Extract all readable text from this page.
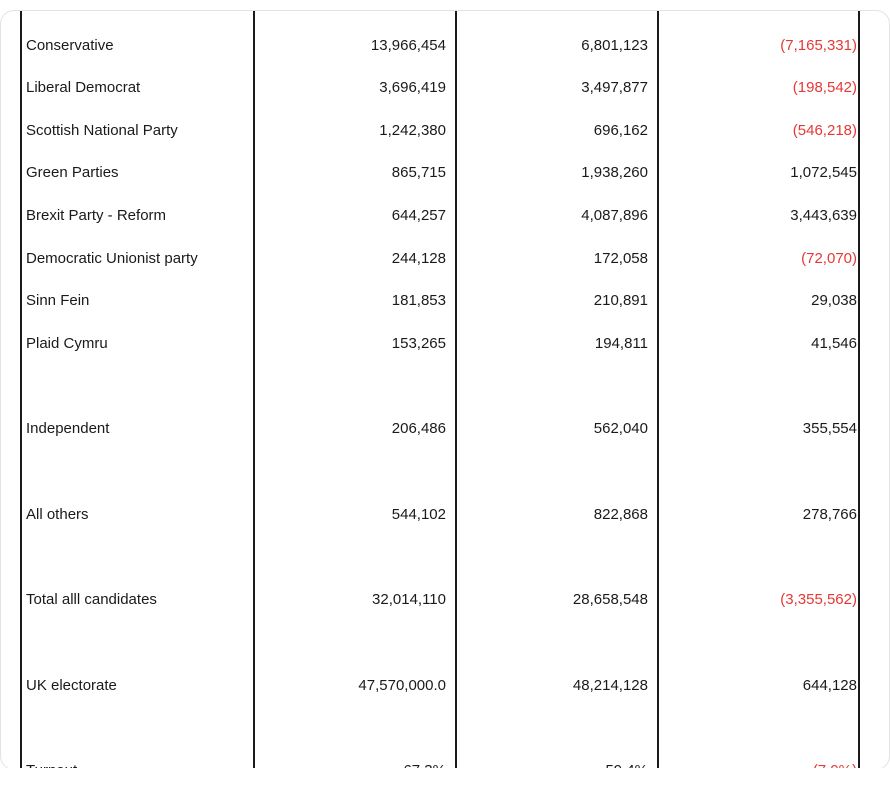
Conservative	13,966,454	6,801,123	(7,165,331)
Liberal Democrat	3,696,419	3,497,877	(198,542)
Scottish National Party	1,242,380	696,162	(546,218)
Green Parties	865,715	1,938,260	1,072,545
Brexit Party - Reform	644,257	4,087,896	3,443,639
Democratic Unionist party	244,128	172,058	(72,070)
Sinn Fein	181,853	210,891	29,038
Plaid Cymru	153,265	194,811	41,546
Independent	206,486	562,040	355,554
All others	544,102	822,868	278,766
Total alll candidates	32,014,110	28,658,548	(3,355,562)
UK electorate	47,570,000.0	48,214,128	644,128
